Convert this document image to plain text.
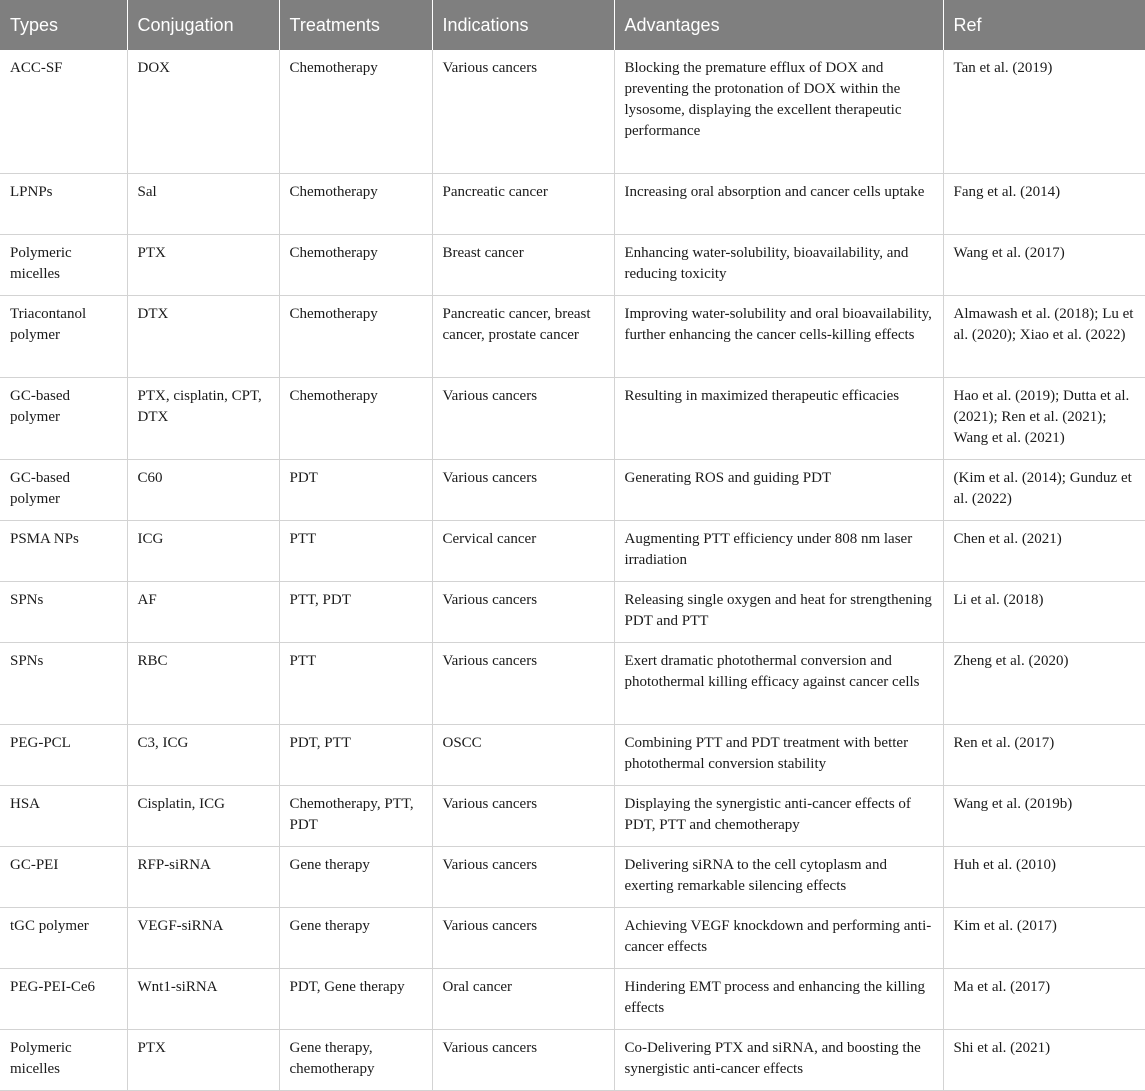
Types	Conjugation	Treatments	Indications	Advantages	Ref
ACC-SF	DOX	Chemotherapy	Various cancers	Blocking the premature efflux of DOX and preventing the protonation of DOX within the lysosome, displaying the excellent therapeutic performance	Tan et al. (2019)
LPNPs	Sal	Chemotherapy	Pancreatic cancer	Increasing oral absorption and cancer cells uptake	Fang et al. (2014)
Polymeric micelles	PTX	Chemotherapy	Breast cancer	Enhancing water-solubility, bioavailability, and reducing toxicity	Wang et al. (2017)
Triacontanol polymer	DTX	Chemotherapy	Pancreatic cancer, breast cancer, prostate cancer	Improving water-solubility and oral bioavailability, further enhancing the cancer cells-killing effects	Almawash et al. (2018); Lu et al. (2020); Xiao et al. (2022)
GC-based polymer	PTX, cisplatin, CPT, DTX	Chemotherapy	Various cancers	Resulting in maximized therapeutic efficacies	Hao et al. (2019); Dutta et al. (2021); Ren et al. (2021); Wang et al. (2021)
GC-based polymer	C60	PDT	Various cancers	Generating ROS and guiding PDT	(Kim et al. (2014); Gunduz et al. (2022)
PSMA NPs	ICG	PTT	Cervical cancer	Augmenting PTT efficiency under 808 nm laser irradiation	Chen et al. (2021)
SPNs	AF	PTT, PDT	Various cancers	Releasing single oxygen and heat for strengthening PDT and PTT	Li et al. (2018)
SPNs	RBC	PTT	Various cancers	Exert dramatic photothermal conversion and photothermal killing efficacy against cancer cells	Zheng et al. (2020)
PEG-PCL	C3, ICG	PDT, PTT	OSCC	Combining PTT and PDT treatment with better photothermal conversion stability	Ren et al. (2017)
HSA	Cisplatin, ICG	Chemotherapy, PTT, PDT	Various cancers	Displaying the synergistic anti-cancer effects of PDT, PTT and chemotherapy	Wang et al. (2019b)
GC-PEI	RFP-siRNA	Gene therapy	Various cancers	Delivering siRNA to the cell cytoplasm and exerting remarkable silencing effects	Huh et al. (2010)
tGC polymer	VEGF-siRNA	Gene therapy	Various cancers	Achieving VEGF knockdown and performing anti-cancer effects	Kim et al. (2017)
PEG-PEI-Ce6	Wnt1-siRNA	PDT, Gene therapy	Oral cancer	Hindering EMT process and enhancing the killing effects	Ma et al. (2017)
Polymeric micelles	PTX	Gene therapy, chemotherapy	Various cancers	Co-Delivering PTX and siRNA, and boosting the synergistic anti-cancer effects	Shi et al. (2021)
